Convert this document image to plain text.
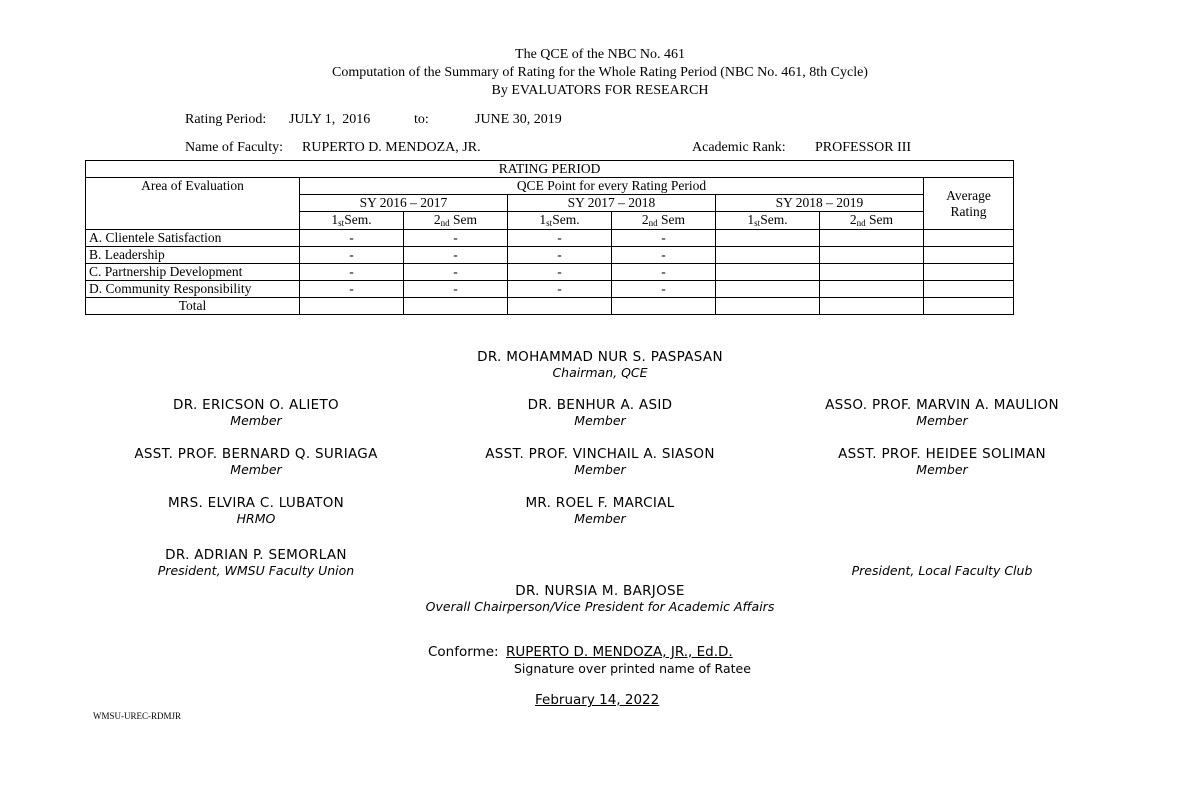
The QCE of the NBC No. 461
Computation of the Summary of Rating for the Whole Rating Period (NBC No. 461, 8th Cycle)
By EVALUATORS FOR RESEARCH
Rating Period: JULY 1,  2016	to:	JUNE 30, 2019
Name of Faculty: RUPERTO D. MENDOZA, JR.	Academic Rank: PROFESSOR III
RATING PERIOD							
Area of Evaluation	QCE Point for every Rating Period						Average
Rating

	SY 2016 – 2017		SY 2017 – 2018		SY 2018 – 2019		
	1stSem.	2nd Sem	1stSem.	2nd Sem	1stSem.	2nd Sem	
A. Clientele Satisfaction	-	-	-	-			
B. Leadership	-	-	-	-			
C. Partnership Development	-	-	-	-			
D. Community Responsibility	-	-	-	-			
Total							
DR. MOHAMMAD NUR S. PASPASAN
Chairman, QCE
DR. ERICSON O. ALIETO
Member
DR. BENHUR A. ASID
Member
ASSO. PROF. MARVIN A. MAULION
Member
ASST. PROF. BERNARD Q. SURIAGA
Member
ASST. PROF. VINCHAIL A. SIASON
Member
ASST. PROF. HEIDEE SOLIMAN
Member
MRS. ELVIRA C. LUBATON
HRMO
MR. ROEL F. MARCIAL
Member
DR. ADRIAN P. SEMORLAN
President, WMSU Faculty Union	President, Local Faculty Club
DR. NURSIA M. BARJOSE
Overall Chairperson/Vice President for Academic Affairs
Conforme: RUPERTO D. MENDOZA, JR., Ed.D.
Signature over printed name of Ratee
February 14, 2022
WMSU-UREC-RDMJR
